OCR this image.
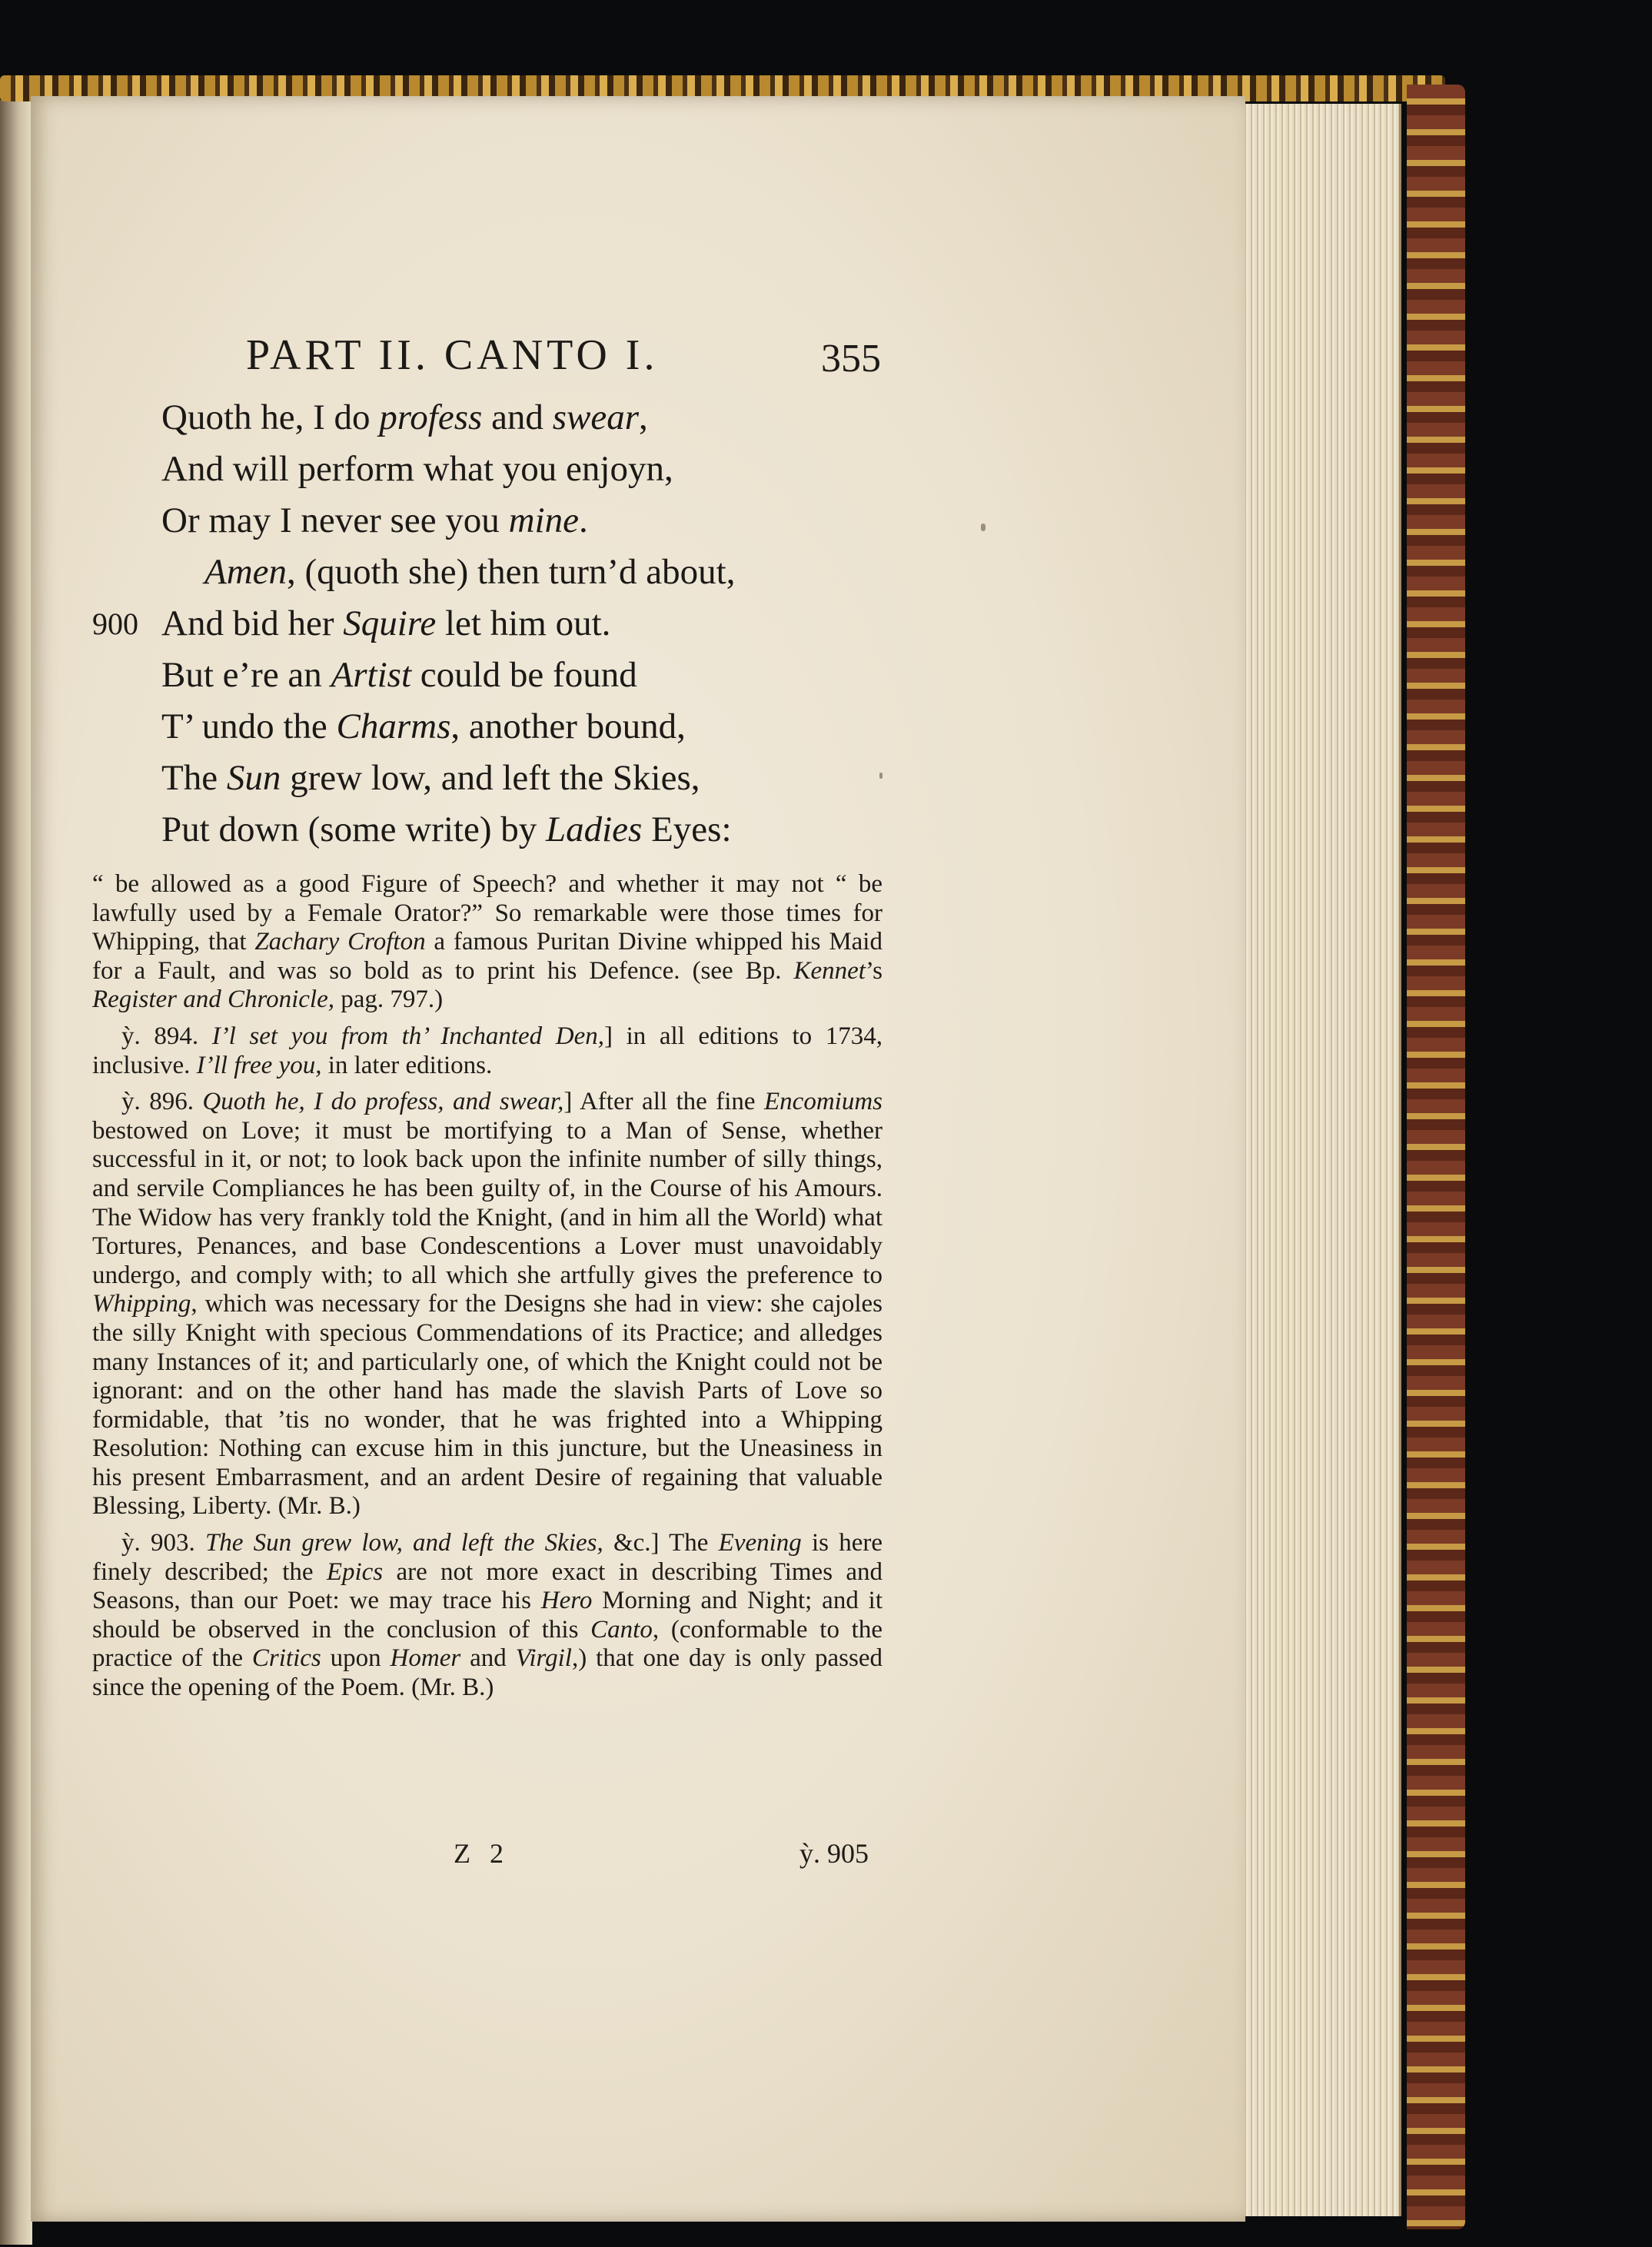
PART II. CANTO I.	355
Quoth he, I do profess and swear,
And will perform what you enjoyn,
Or may I never see you mine.
Amen, (quoth she) then turn’d about,
900 And bid her Squire let him out.
But e’re an Artist could be found
T’ undo the Charms, another bound,
The Sun grew low, and left the Skies,
Put down (some write) by Ladies Eyes:

“ be allowed as a good Figure of Speech? and whether it may not “ be lawfully used by a Female Orator?” So remarkable were those times for Whipping, that Zachary Crofton a famous Puritan Divine whipped his Maid for a Fault, and was so bold as to print his Defence. (see Bp. Kennet’s Register and Chronicle, pag. 797.)

ỳ. 894. I’l set you from th’ Inchanted Den,] in all editions to 1734, inclusive. I’ll free you, in later editions.

ỳ. 896. Quoth he, I do profess, and swear,] After all the fine Encomiums bestowed on Love; it must be mortifying to a Man of Sense, whether successful in it, or not; to look back upon the infinite number of silly things, and servile Compliances he has been guilty of, in the Course of his Amours. The Widow has very frankly told the Knight, (and in him all the World) what Tortures, Penances, and base Condescentions a Lover must unavoidably undergo, and comply with; to all which she artfully gives the preference to Whipping, which was necessary for the Designs she had in view: she cajoles the silly Knight with specious Commendations of its Practice; and alledges many Instances of it; and particularly one, of which the Knight could not be ignorant: and on the other hand has made the slavish Parts of Love so formidable, that ’tis no wonder, that he was frighted into a Whipping Resolution: Nothing can excuse him in this juncture, but the Uneasiness in his present Embarrasment, and an ardent Desire of regaining that valuable Blessing, Liberty. (Mr. B.)

ỳ. 903. The Sun grew low, and left the Skies, &c.] The Evening is here finely described; the Epics are not more exact in describing Times and Seasons, than our Poet: we may trace his Hero Morning and Night; and it should be observed in the conclusion of this Canto, (conformable to the practice of the Critics upon Homer and Virgil,) that one day is only passed since the opening of the Poem. (Mr. B.)

Z 2	ỳ. 905
